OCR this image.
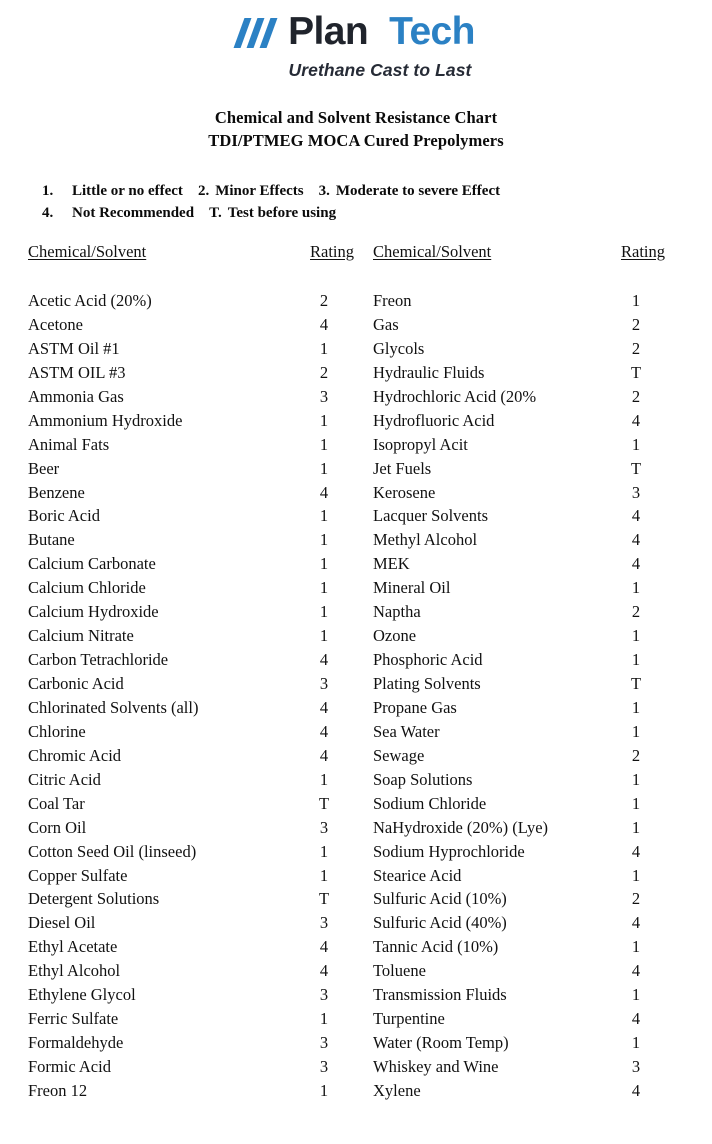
Plan Tech
Urethane Cast to Last
Chemical and Solvent Resistance Chart
TDI/PTMEG MOCA Cured Prepolymers
1. Little or no effect 2. Minor Effects 3. Moderate to severe Effect
4. Not Recommended T. Test before using
Chemical/Solvent	Rating
Acetic Acid (20%)	2
Acetone	4
ASTM Oil #1	1
ASTM OIL #3	2
Ammonia Gas	3
Ammonium Hydroxide	1
Animal Fats	1
Beer	1
Benzene	4
Boric Acid	1
Butane	1
Calcium Carbonate	1
Calcium Chloride	1
Calcium Hydroxide	1
Calcium Nitrate	1
Carbon Tetrachloride	4
Carbonic Acid	3
Chlorinated Solvents (all)	4
Chlorine	4
Chromic Acid	4
Citric Acid	1
Coal Tar	T
Corn Oil	3
Cotton Seed Oil (linseed)	1
Copper Sulfate	1
Detergent Solutions	T
Diesel Oil	3
Ethyl Acetate	4
Ethyl Alcohol	4
Ethylene Glycol	3
Ferric Sulfate	1
Formaldehyde	3
Formic Acid	3
Freon 12	1
Chemical/Solvent	Rating
Freon	1
Gas	2
Glycols	2
Hydraulic Fluids	T
Hydrochloric Acid (20%	2
Hydrofluoric Acid	4
Isopropyl Acit	1
Jet Fuels	T
Kerosene	3
Lacquer Solvents	4
Methyl Alcohol	4
MEK	4
Mineral Oil	1
Naptha	2
Ozone	1
Phosphoric Acid	1
Plating Solvents	T
Propane Gas	1
Sea Water	1
Sewage	2
Soap Solutions	1
Sodium Chloride	1
NaHydroxide (20%) (Lye)	1
Sodium Hyprochloride	4
Stearice Acid	1
Sulfuric Acid (10%)	2
Sulfuric Acid (40%)	4
Tannic Acid (10%)	1
Toluene	4
Transmission Fluids	1
Turpentine	4
Water (Room Temp)	1
Whiskey and Wine	3
Xylene	4
